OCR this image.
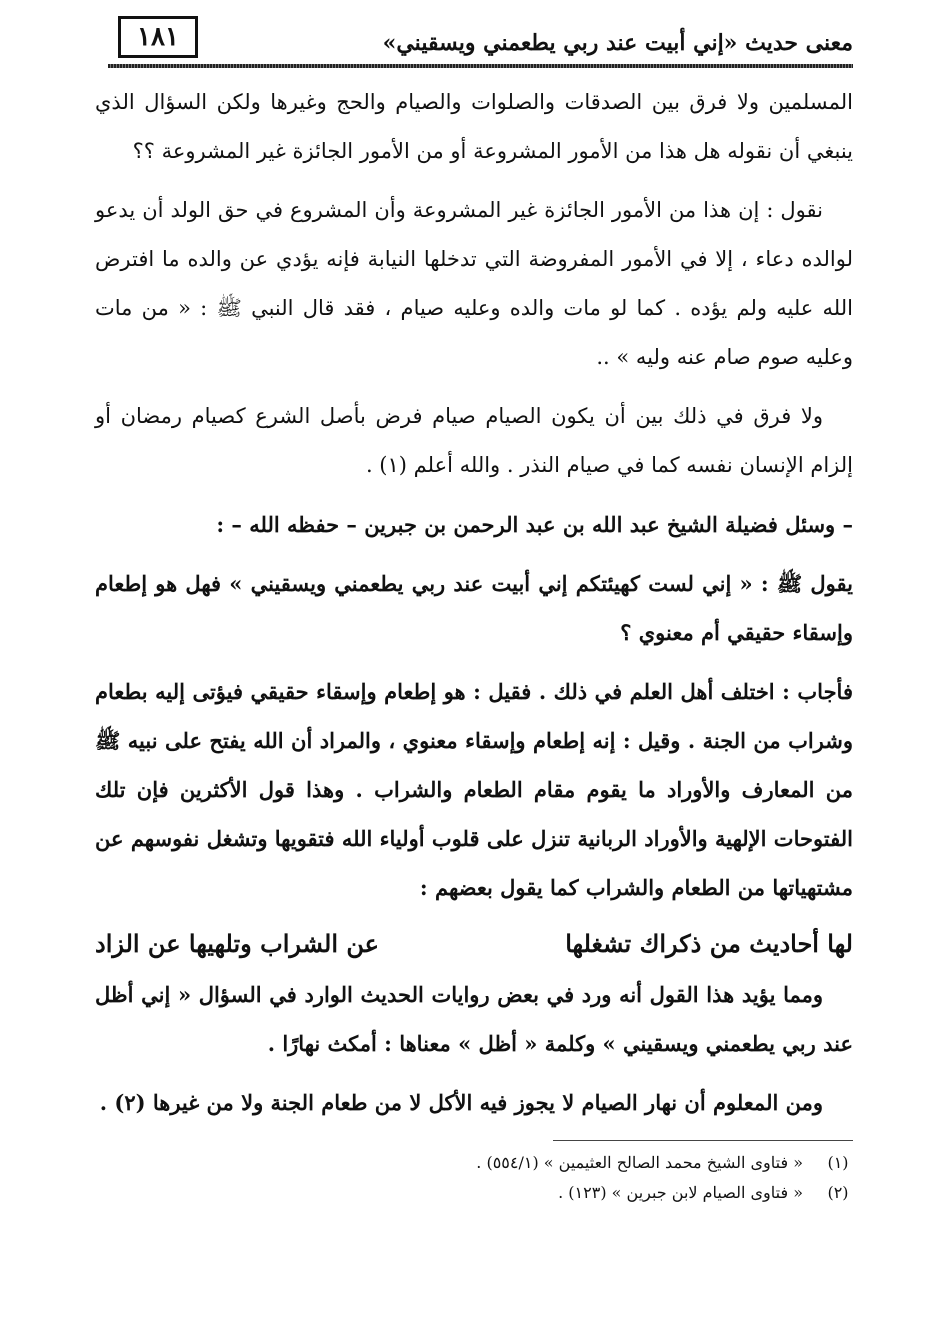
١٨١	معنى حديث «إني أبيت عند ربي يطعمني ويسقيني»

المسلمين ولا فرق بين الصدقات والصلوات والصيام والحج وغيرها ولكن السؤال الذي ينبغي أن نقوله هل هذا من الأمور المشروعة أو من الأمور الجائزة غير المشروعة ؟؟

نقول : إن هذا من الأمور الجائزة غير المشروعة وأن المشروع في حق الولد أن يدعو لوالده دعاء ، إلا في الأمور المفروضة التي تدخلها النيابة فإنه يؤدي عن والده ما افترض الله عليه ولم يؤده . كما لو مات والده وعليه صيام ، فقد قال النبي ﷺ : « من مات وعليه صوم صام عنه وليه » ..

ولا فرق في ذلك بين أن يكون الصيام صيام فرض بأصل الشرع كصيام رمضان أو إلزام الإنسان نفسه كما في صيام النذر . والله أعلم (١) .

– وسئل فضيلة الشيخ عبد الله بن عبد الرحمن بن جبرين – حفظه الله – :

يقول ﷺ : « إني لست كهيئتكم إني أبيت عند ربي يطعمني ويسقيني » فهل هو إطعام وإسقاء حقيقي أم معنوي ؟

فأجاب : اختلف أهل العلم في ذلك . فقيل : هو إطعام وإسقاء حقيقي فيؤتى إليه بطعام وشراب من الجنة . وقيل : إنه إطعام وإسقاء معنوي ، والمراد أن الله يفتح على نبيه ﷺ من المعارف والأوراد ما يقوم مقام الطعام والشراب . وهذا قول الأكثرين فإن تلك الفتوحات الإلهية والأوراد الربانية تنزل على قلوب أولياء الله فتقويها وتشغل نفوسهم عن مشتهياتها من الطعام والشراب كما يقول بعضهم :

لها أحاديث من ذكراك تشغلها
عن الشراب وتلهيها عن الزاد

ومما يؤيد هذا القول أنه ورد في بعض روايات الحديث الوارد في السؤال « إني أظل عند ربي يطعمني ويسقيني » وكلمة « أظل » معناها : أمكث نهارًا .

ومن المعلوم أن نهار الصيام لا يجوز فيه الأكل لا من طعام الجنة ولا من غيرها (٢) .

(١)
« فتاوى الشيخ محمد الصالح العثيمين » (٥٥٤/١) .
(٢)
« فتاوى الصيام لابن جبرين » (١٢٣) .
